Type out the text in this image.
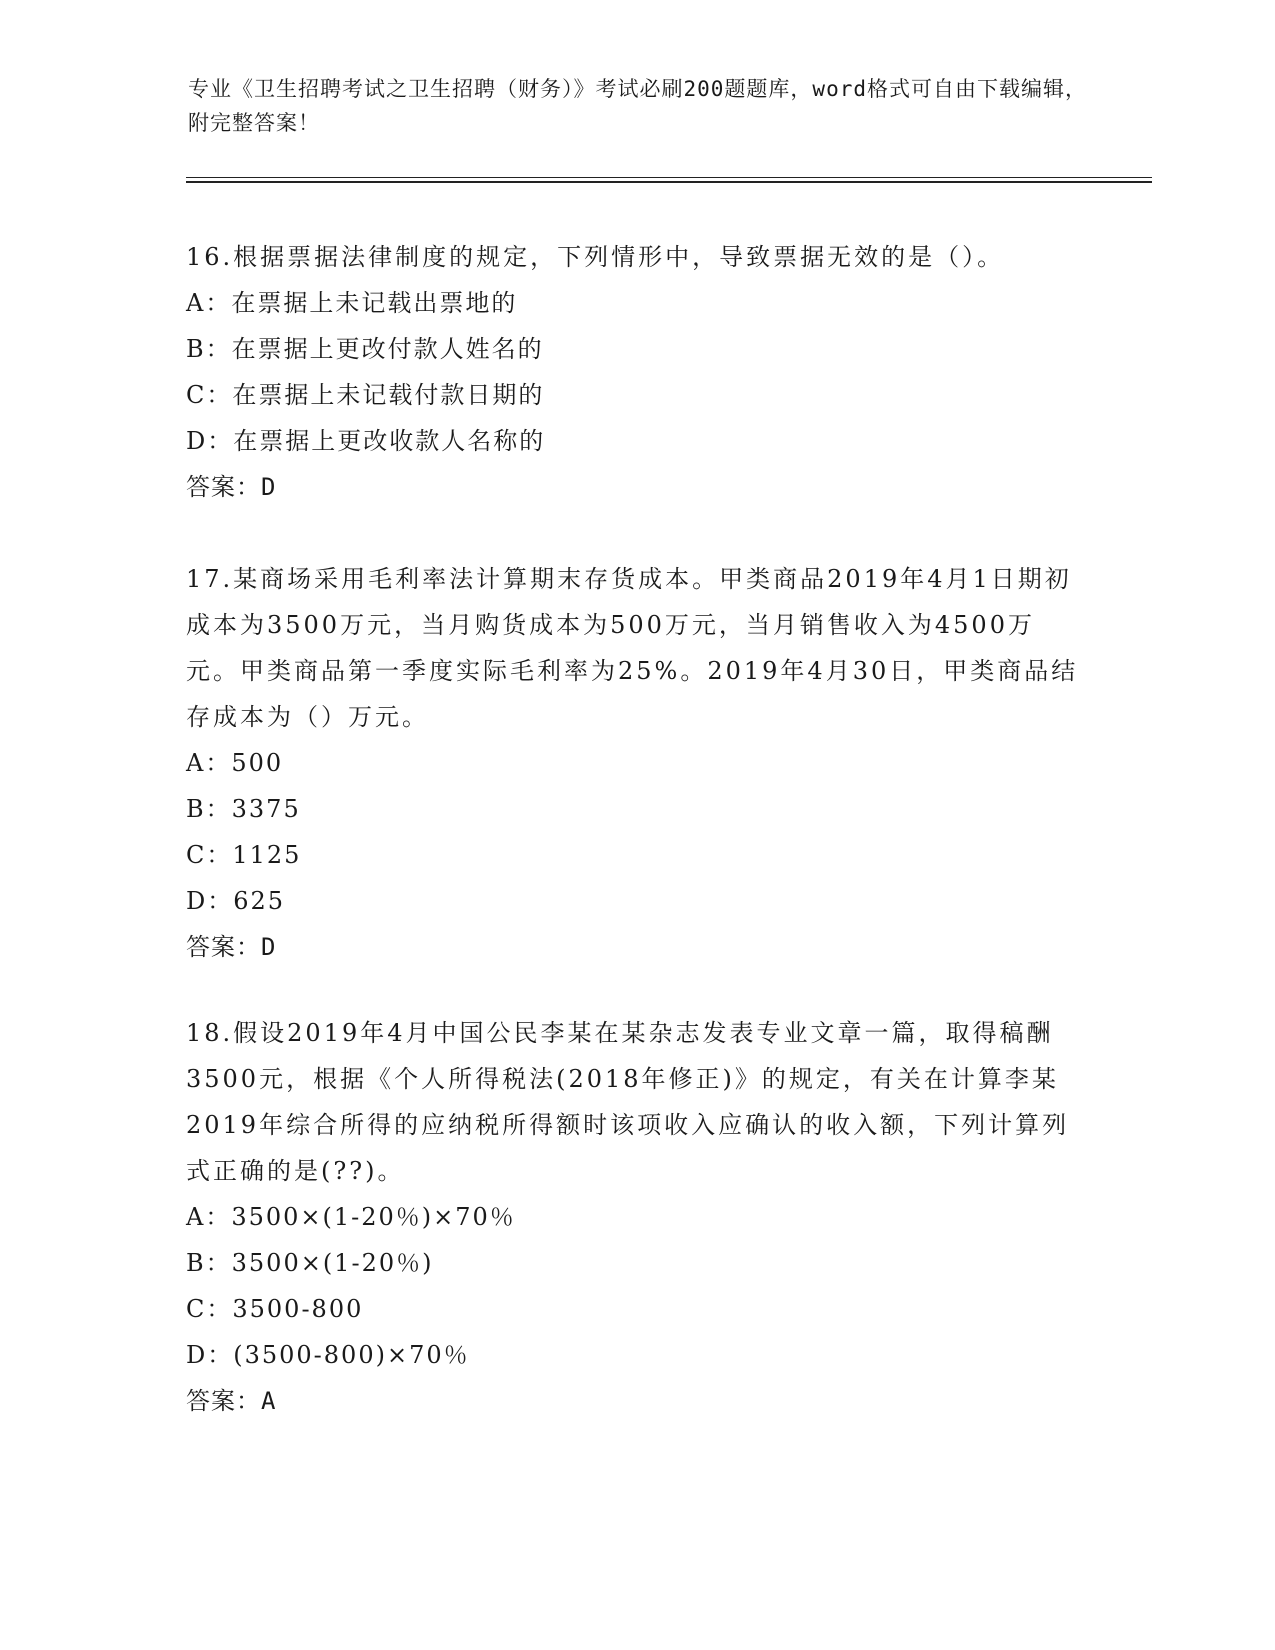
专业《卫生招聘考试之卫生招聘（财务）》考试必刷200题题库，word格式可自由下载编辑，附完整答案！

16.根据票据法律制度的规定，下列情形中，导致票据无效的是（）。

A：在票据上未记载出票地的

B：在票据上更改付款人姓名的

C：在票据上未记载付款日期的

D：在票据上更改收款人名称的

答案：D

17.某商场采用毛利率法计算期末存货成本。甲类商品2019年4月1日期初成本为3500万元，当月购货成本为500万元，当月销售收入为4500万元。甲类商品第一季度实际毛利率为25%。2019年4月30日，甲类商品结存成本为（）万元。

A：500

B：3375

C：1125

D：625

答案：D

18.假设2019年4月中国公民李某在某杂志发表专业文章一篇，取得稿酬3500元，根据《个人所得税法(2018年修正)》的规定，有关在计算李某2019年综合所得的应纳税所得额时该项收入应确认的收入额，下列计算列式正确的是(??)。

A：3500×(1-20％)×70％

B：3500×(1-20％)

C：3500-800

D：(3500-800)×70％

答案：A
